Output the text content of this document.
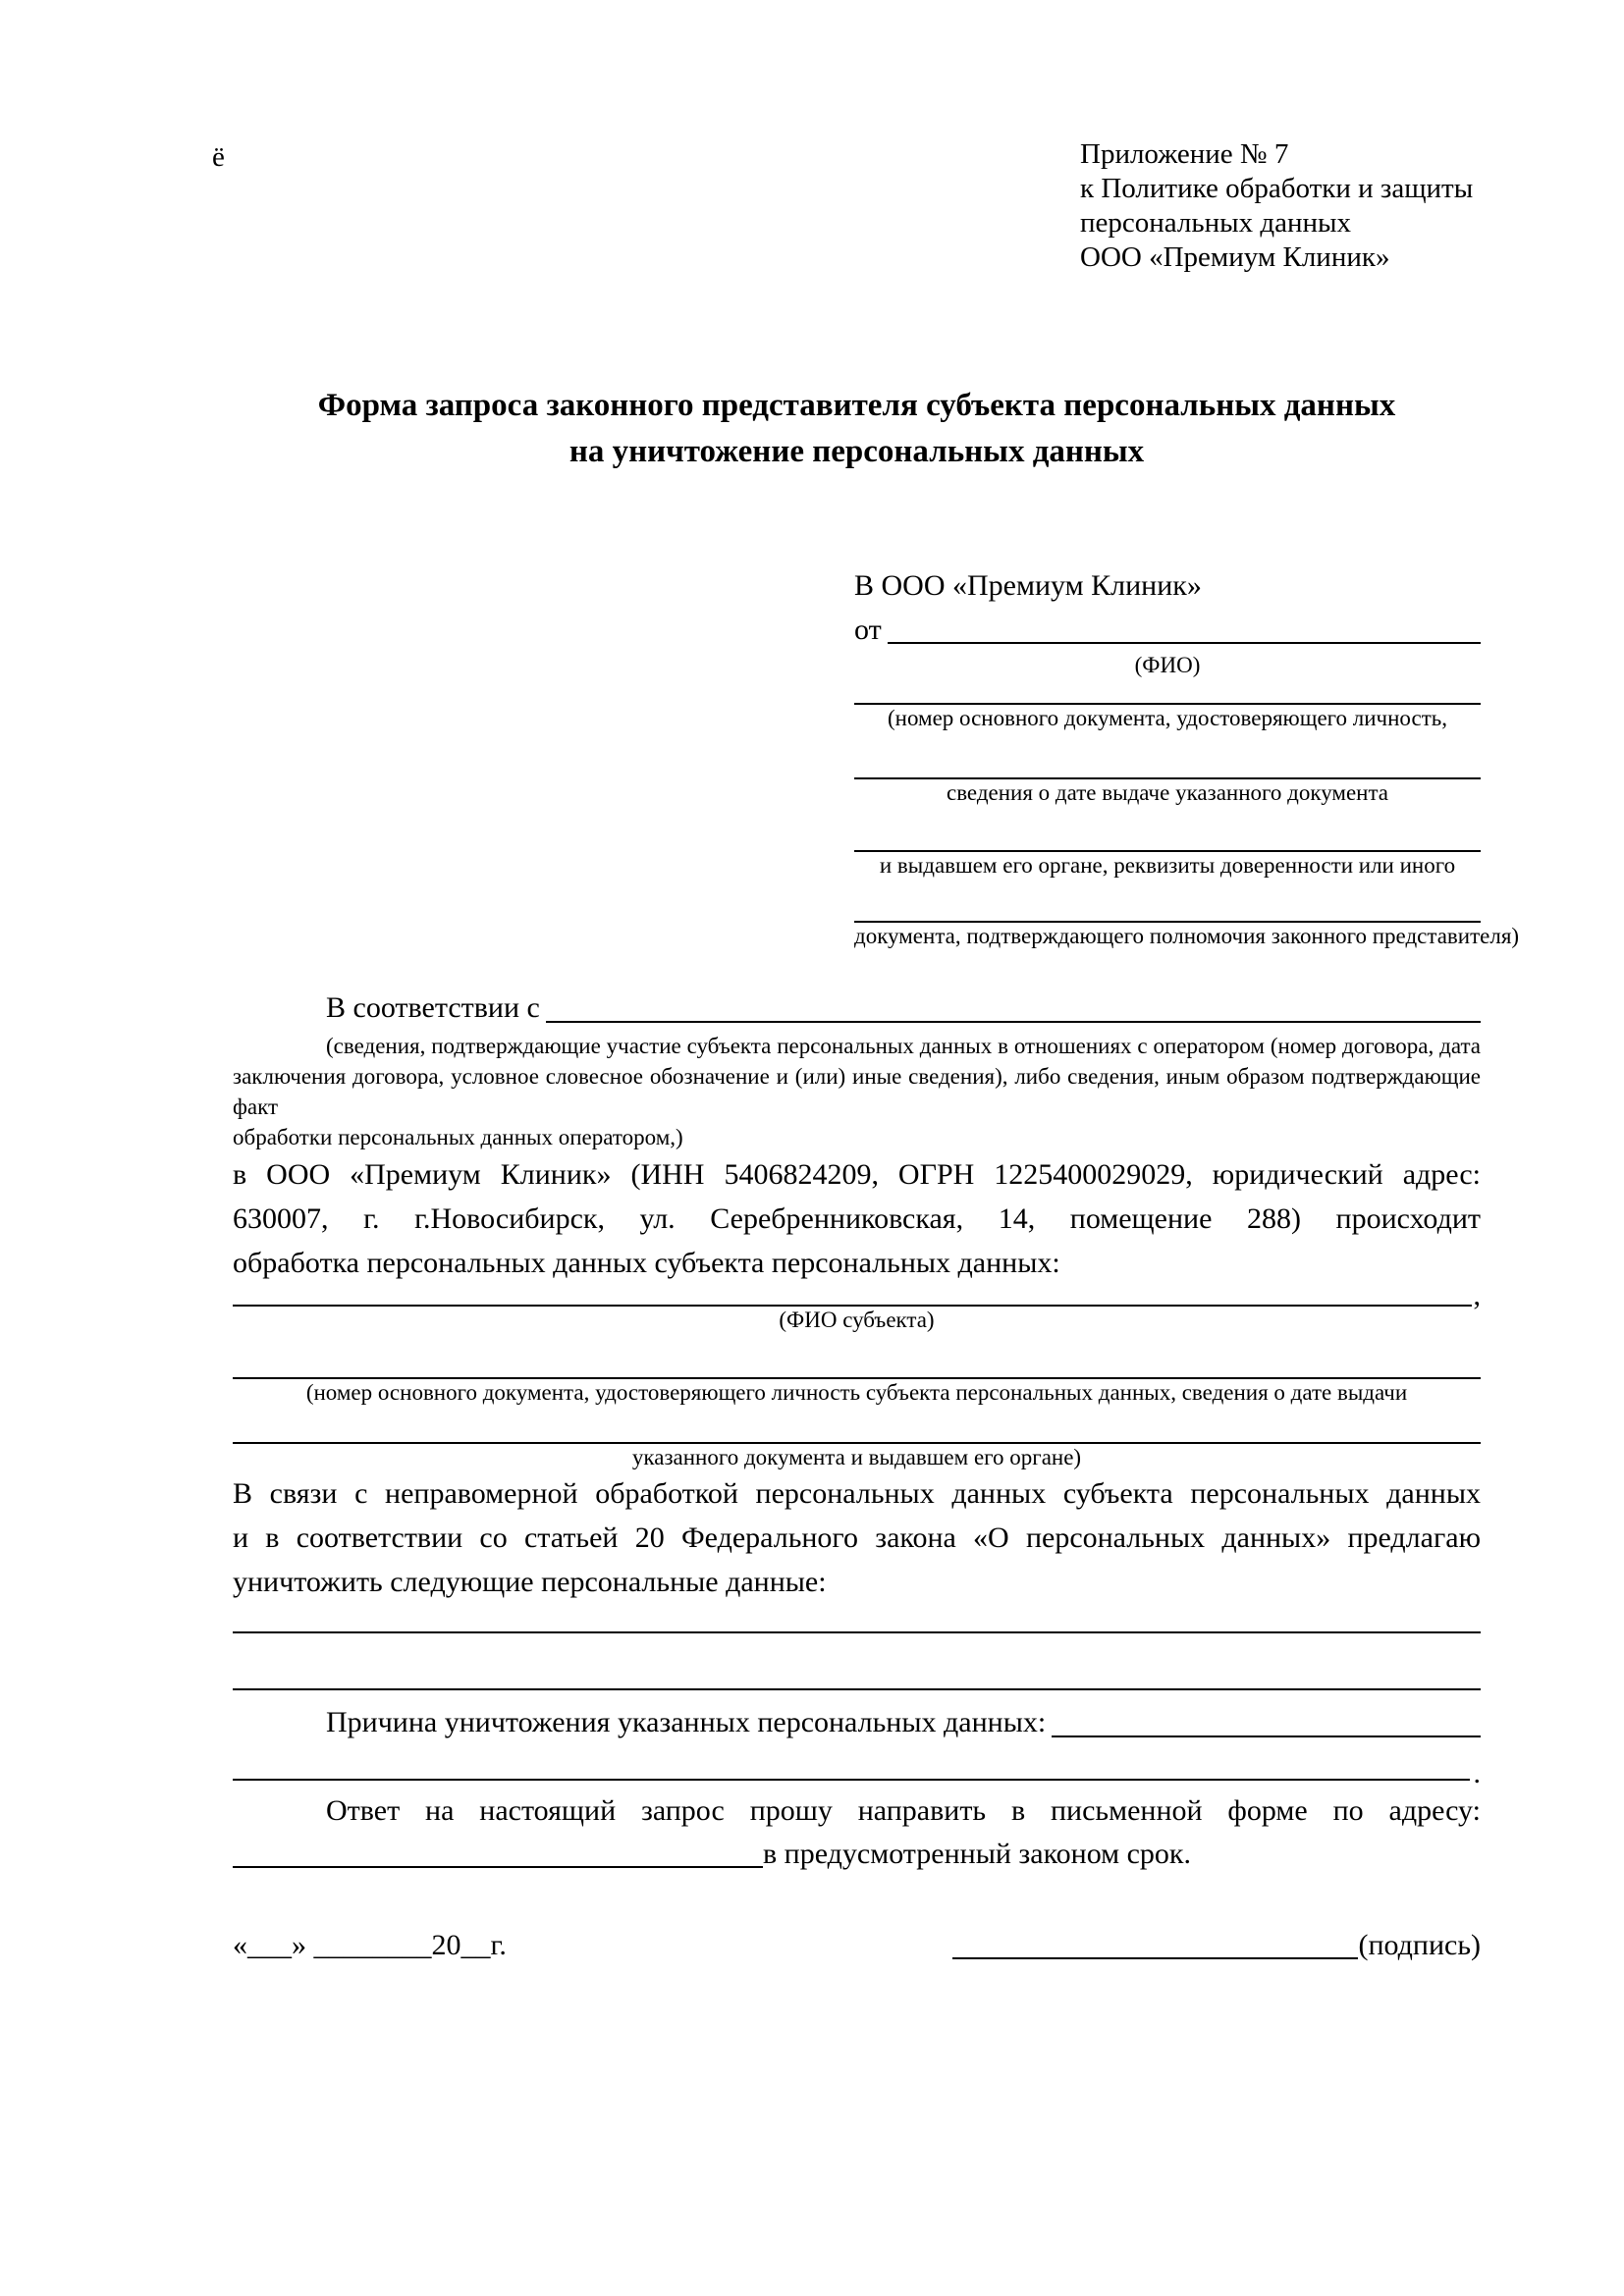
ё	Приложение № 7
к Политике обработки и защиты
персональных данных
ООО «Премиум Клиник»
Форма запроса законного представителя субъекта персональных данных
на уничтожение персональных данных
В ООО «Премиум Клиник»
от
(ФИО)
(номер основного документа, удостоверяющего личность,
сведения о дате выдаче указанного документа
и выдавшем его органе, реквизиты доверенности или иного
документа, подтверждающего полномочия законного представителя)
В соответствии с
(сведения, подтверждающие участие субъекта персональных данных в отношениях с оператором (номер договора, дата
заключения договора, условное словесное обозначение и (или) иные сведения), либо сведения, иным образом подтверждающие факт
обработки персональных данных оператором,)
в ООО «Премиум Клиник» (ИНН 5406824209, ОГРН 1225400029029, юридический адрес:
630007, г. г.Новосибирск, ул. Серебренниковская, 14, помещение 288) происходит
обработка персональных данных субъекта персональных данных:
,
(ФИО субъекта)
(номер основного документа, удостоверяющего личность субъекта персональных данных, сведения о дате выдачи
указанного документа и выдавшем его органе)
В связи с неправомерной обработкой персональных данных субъекта персональных данных
и в соответствии со статьей 20 Федерального закона «О персональных данных» предлагаю
уничтожить следующие персональные данные:
Причина уничтожения указанных персональных данных:
.
Ответ на настоящий запрос прошу направить в письменной форме по адресу:
в предусмотренный законом срок.
«___» ________20__г.	(подпись)
